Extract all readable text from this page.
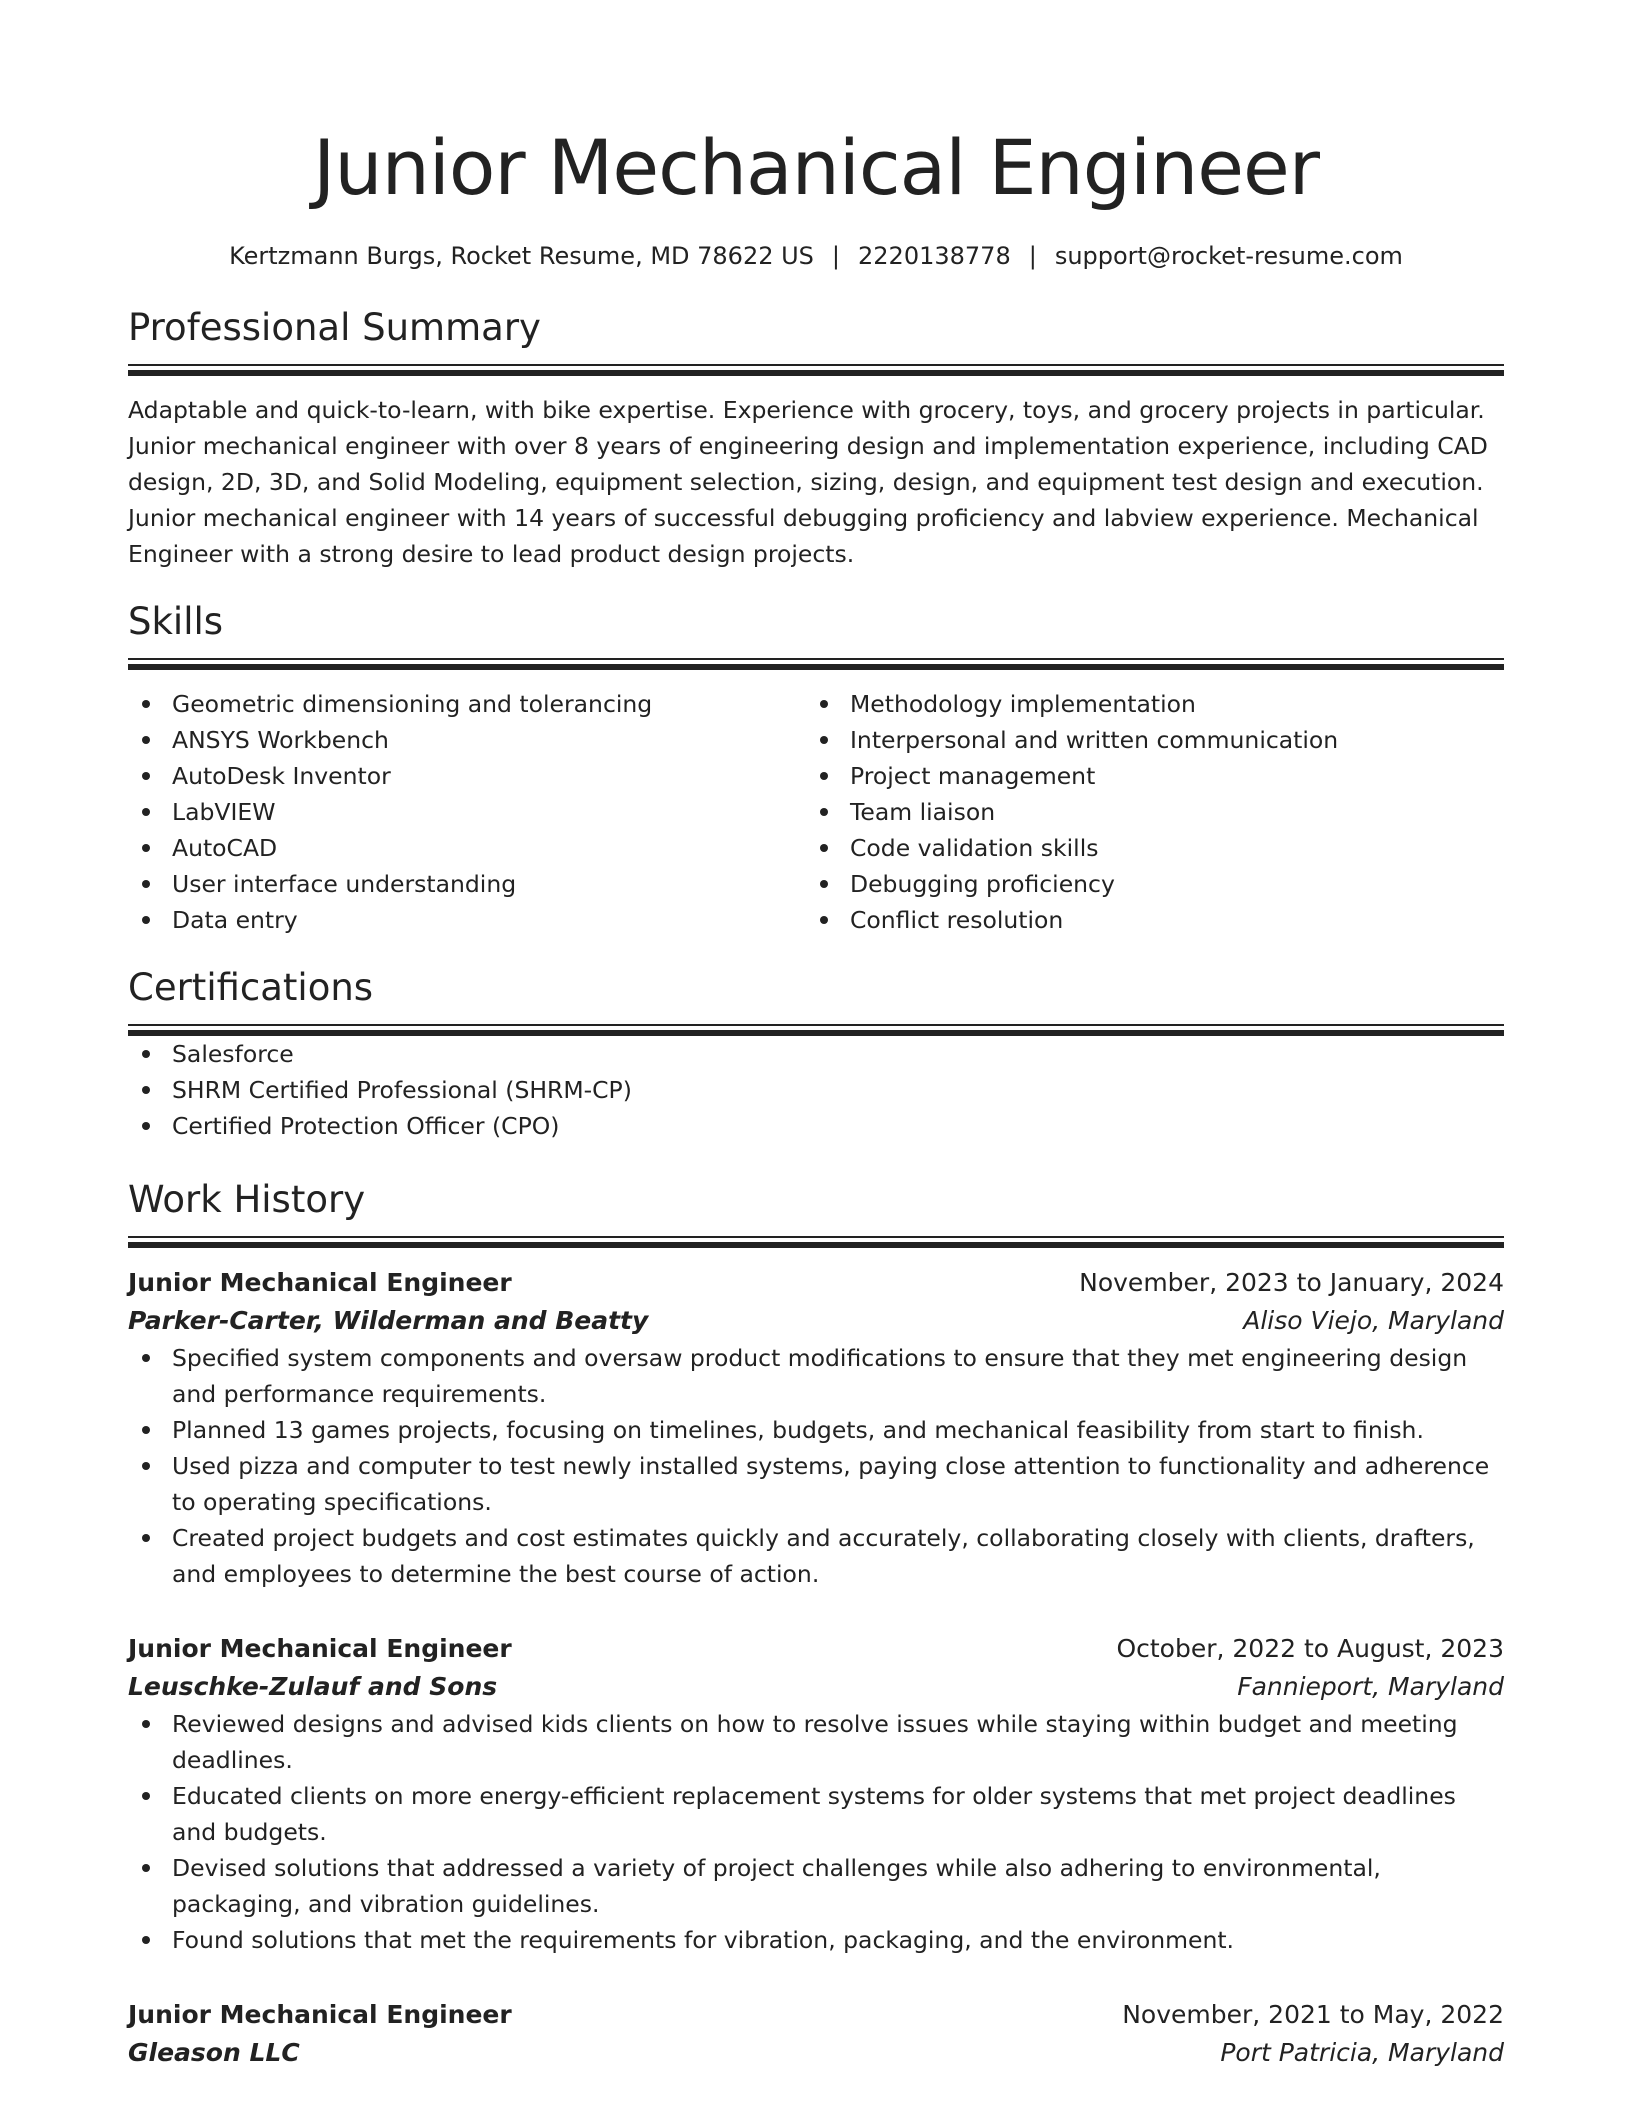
Junior Mechanical Engineer
Kertzmann Burgs, Rocket Resume, MD 78622 US | 2220138778 | support@rocket-resume.com
Professional Summary
Adaptable and quick-to-learn, with bike expertise. Experience with grocery, toys, and grocery projects in particular. Junior mechanical engineer with over 8 years of engineering design and implementation experience, including CAD design, 2D, 3D, and Solid Modeling, equipment selection, sizing, design, and equipment test design and execution. Junior mechanical engineer with 14 years of successful debugging proficiency and labview experience. Mechanical Engineer with a strong desire to lead product design projects.
Skills
Geometric dimensioning and tolerancing
ANSYS Workbench
AutoDesk Inventor
LabVIEW
AutoCAD
User interface understanding
Data entry
Methodology implementation
Interpersonal and written communication
Project management
Team liaison
Code validation skills
Debugging proficiency
Conflict resolution
Certifications
Salesforce
SHRM Certified Professional (SHRM-CP)
Certified Protection Officer (CPO)
Work History
Junior Mechanical Engineer	November, 2023 to January, 2024
Parker-Carter, Wilderman and Beatty	Aliso Viejo, Maryland
Specified system components and oversaw product modifications to ensure that they met engineering design and performance requirements.
Planned 13 games projects, focusing on timelines, budgets, and mechanical feasibility from start to finish.
Used pizza and computer to test newly installed systems, paying close attention to functionality and adherence to operating specifications.
Created project budgets and cost estimates quickly and accurately, collaborating closely with clients, drafters, and employees to determine the best course of action.
Junior Mechanical Engineer	October, 2022 to August, 2023
Leuschke-Zulauf and Sons	Fannieport, Maryland
Reviewed designs and advised kids clients on how to resolve issues while staying within budget and meeting deadlines.
Educated clients on more energy-efficient replacement systems for older systems that met project deadlines and budgets.
Devised solutions that addressed a variety of project challenges while also adhering to environmental, packaging, and vibration guidelines.
Found solutions that met the requirements for vibration, packaging, and the environment.
Junior Mechanical Engineer	November, 2021 to May, 2022
Gleason LLC	Port Patricia, Maryland
